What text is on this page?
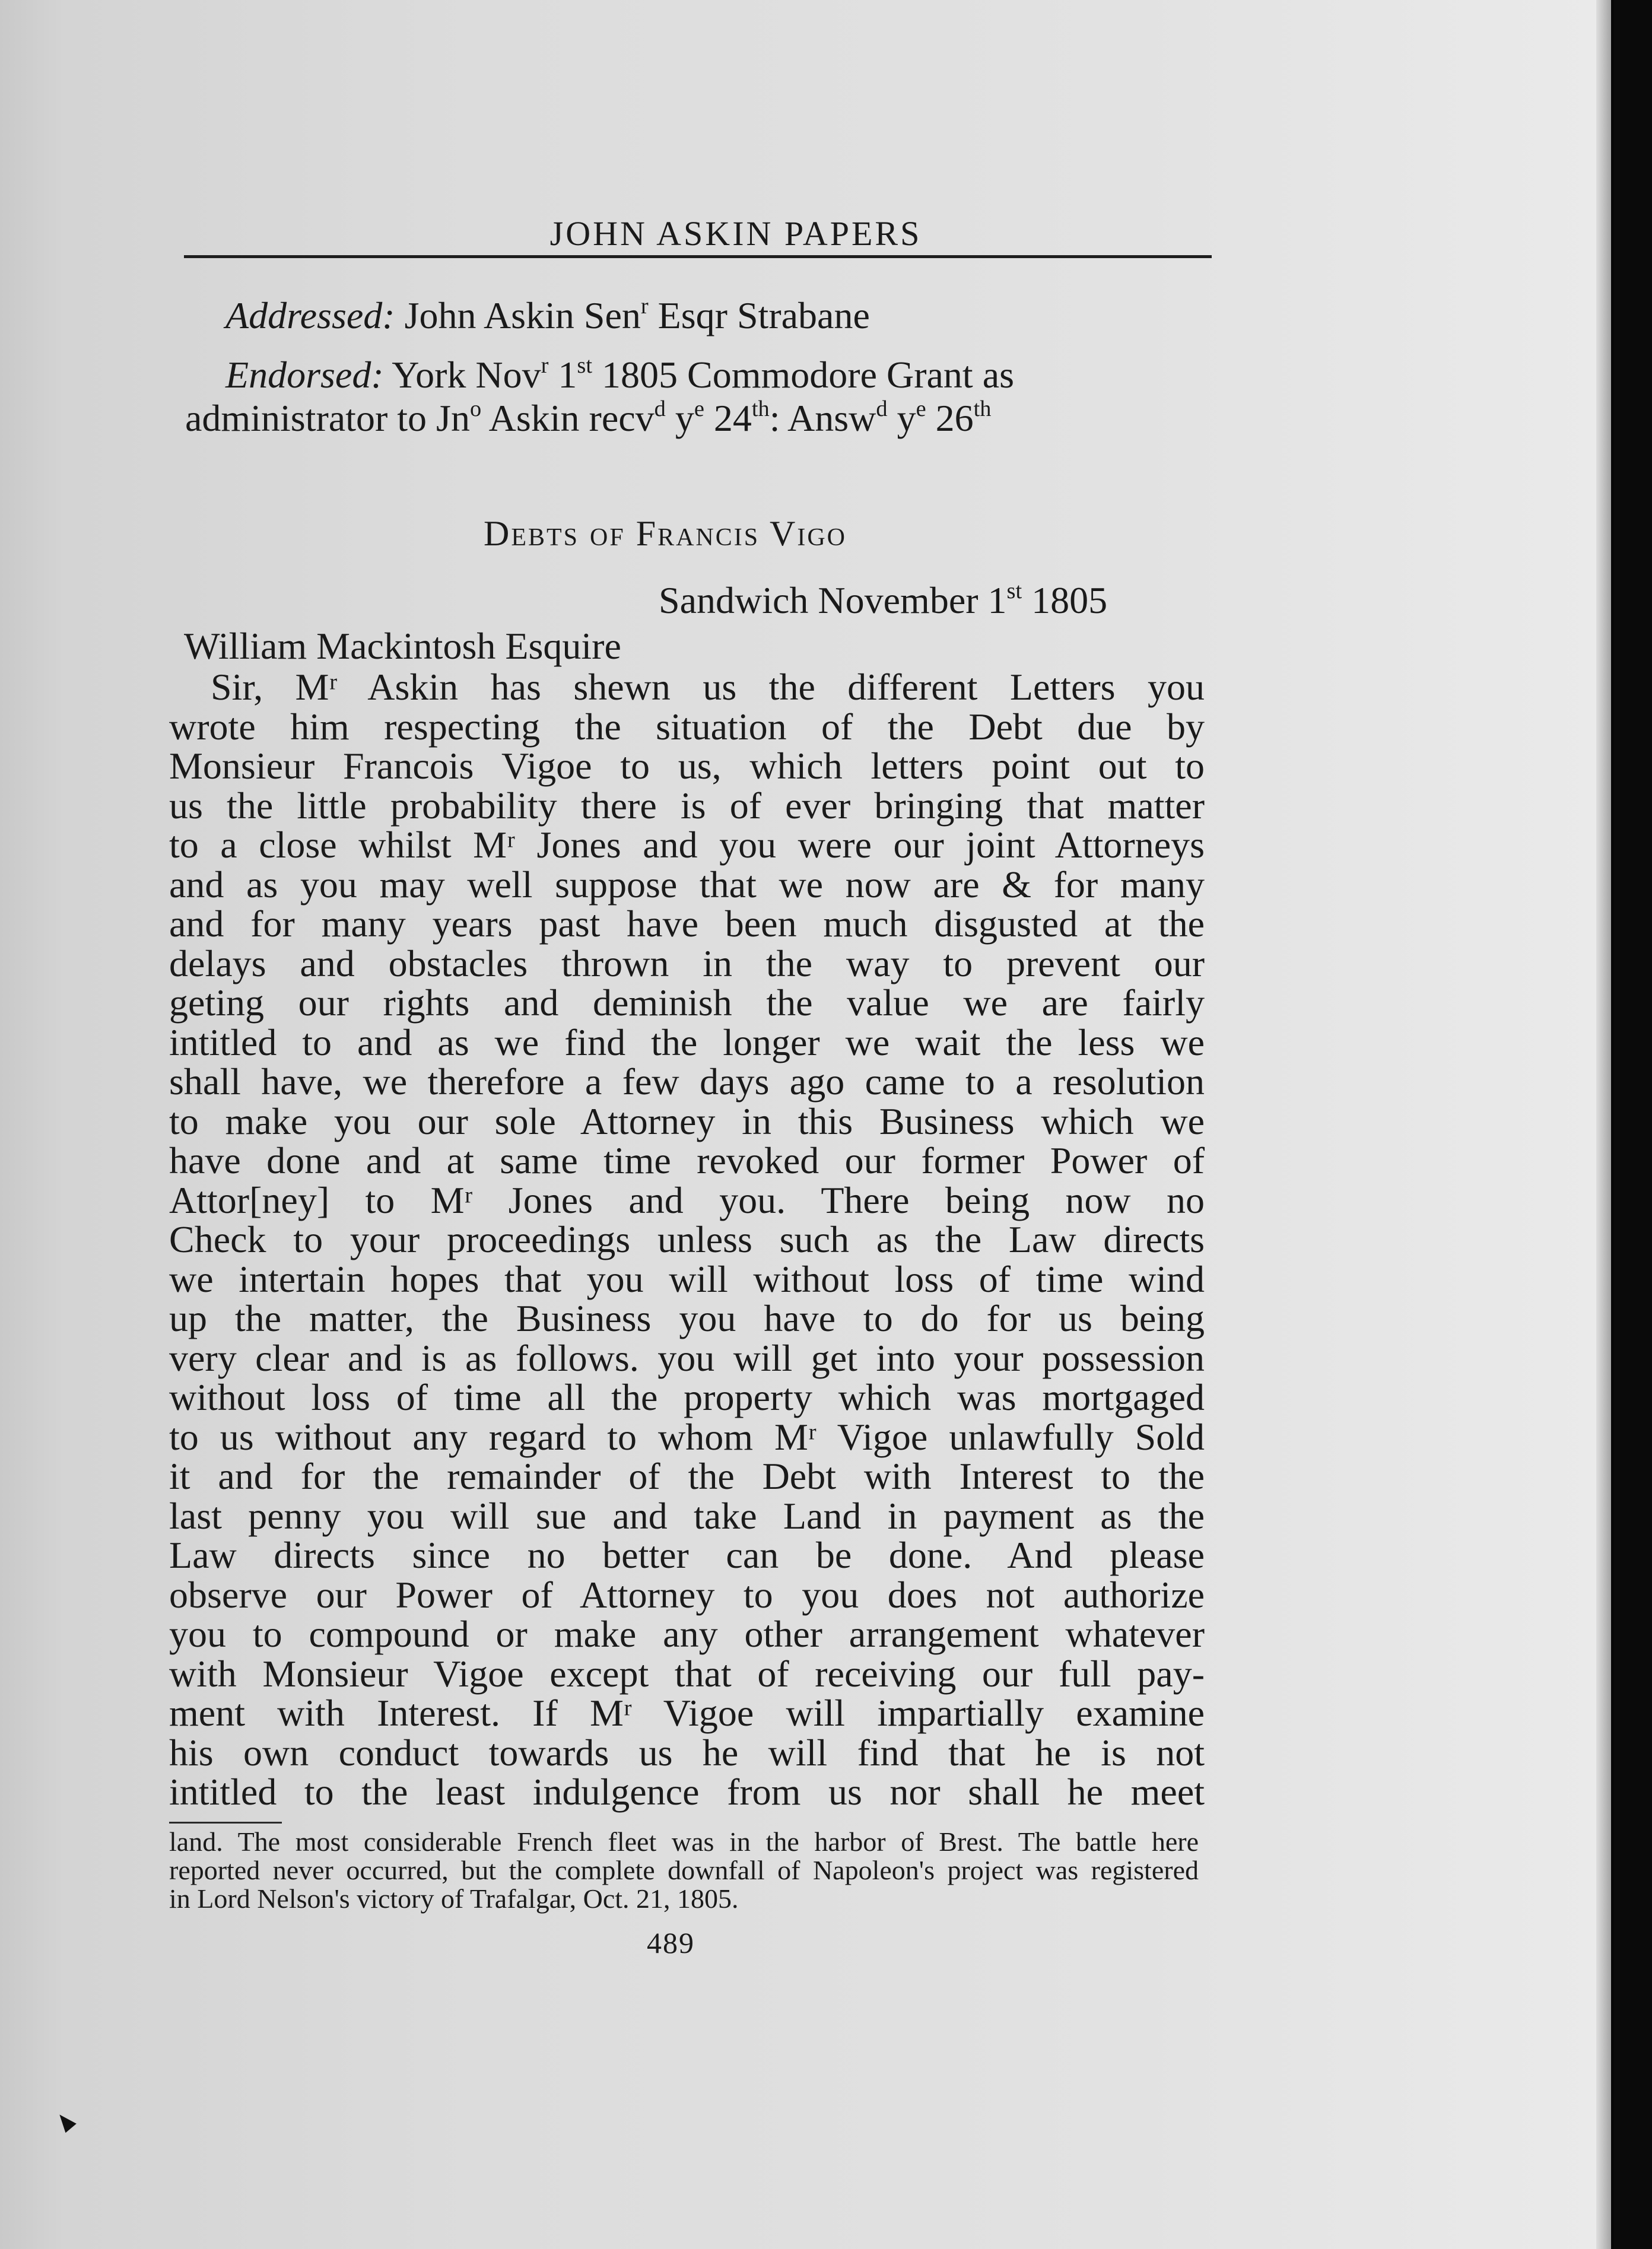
JOHN ASKIN PAPERS
Addressed: John Askin Sen$^r$ Esqr Strabane
Endorsed: York Nov$^r$ 1st 1805 Commodore Grant as
administrator to Jn$^o$ Askin recv$^d$ $y^e$ 24th: Answ$^d$ $y^e$ 26th
Debts of Francis Vigo
Sandwich November 1st 1805
William Mackintosh Esquire
Sir, Mʳ Askin has shewn us the different Letters you
wrote him respecting the situation of the Debt due by
Monsieur Francois Vigoe to us, which letters point out to
us the little probability there is of ever bringing that matter
to a close whilst Mʳ Jones and you were our joint Attorneys
and as you may well suppose that we now are & for many
and for many years past have been much disgusted at the
delays and obstacles thrown in the way to prevent our
geting our rights and deminish the value we are fairly
intitled to and as we find the longer we wait the less we
shall have, we therefore a few days ago came to a resolution
to make you our sole Attorney in this Business which we
have done and at same time revoked our former Power of
Attor[ney] to Mʳ Jones and you. There being now no
Check to your proceedings unless such as the Law directs
we intertain hopes that you will without loss of time wind
up the matter, the Business you have to do for us being
very clear and is as follows. you will get into your possession
without loss of time all the property which was mortgaged
to us without any regard to whom Mʳ Vigoe unlawfully Sold
it and for the remainder of the Debt with Interest to the
last penny you will sue and take Land in payment as the
Law directs since no better can be done. And please
observe our Power of Attorney to you does not authorize
you to compound or make any other arrangement whatever
with Monsieur Vigoe except that of receiving our full pay-
ment with Interest. If Mʳ Vigoe will impartially examine
his own conduct towards us he will find that he is not
intitled to the least indulgence from us nor shall he meet
land. The most considerable French fleet was in the harbor of Brest. The battle here
reported never occurred, but the complete downfall of Napoleon's project was registered
in Lord Nelson's victory of Trafalgar, Oct. 21, 1805.
489
